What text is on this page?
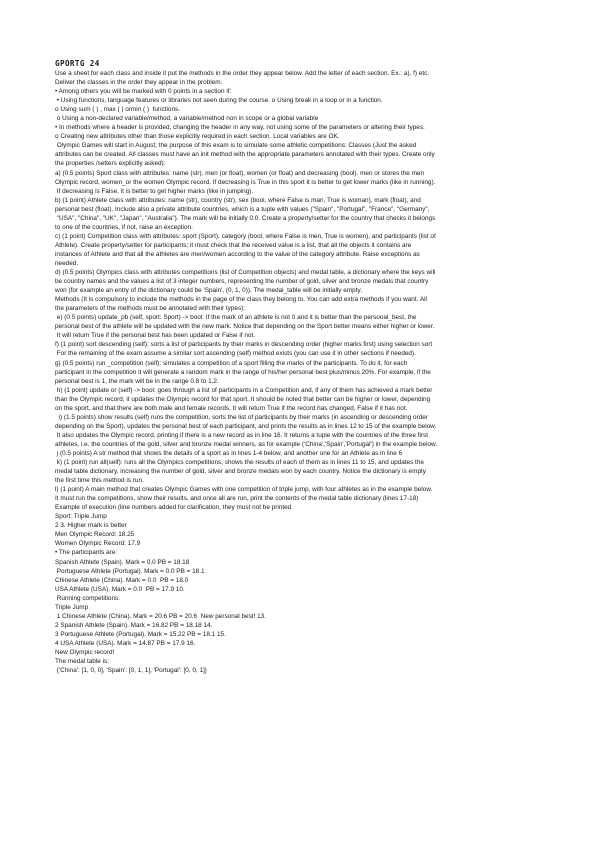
GPORTG 24
Use a sheet for each class and inside it put the methods in the order they appear below. Add the letter of each section. Ex.: a), f) etc.
Deliver the classes in the order they appear in the problem.
• Among others you will be marked with 0 points in a section if:
• Using functions, language features or libraries not seen during the course. o Using break in a loop or in a function.
o Using sum ( ) , max ( ) ormin ( )  functions.
o Using a non-declared variable/method, a variable/method non in scope or a global variable
• In methods where a header is provided, changing the header in any way, not using some of the parameters or altering their types.
o Creating new attributes other than those explicitly required in each section. Local variables are OK.
Olympic Games will start in August; the purpose of this exam is to simulate some athletic competitions: Classes (Just the asked
attributes can be created. All classes must have an init method with the appropriate parameters annotated with their types. Create only
the properties /setters explicitly asked):
a) (0.5 points) Sport class with attributes: name (str), men (or float), women (or float) and decreasing (bool). men or stores the men
Olympic record, women_or the women Olympic record. If decreasing is True in this sport it is better to get lower marks (like in running).
If decreasing is False, it is better to get higher marks (like in jumping).
b) (1 point) Athlete class with attributes: name (str), country (str), sex (bool, where False is man, True is woman), mark (float), and
personal best (float). Include also a private attribute countries, which is a tuple with values ("Spain", "Portugal", "France", "Germany",
"USA", "China", "UK", "Japan", "Australia"). The mark will be initially 0.0. Create a property/setter for the country that checks it belongs
to one of the countries, if not, raise an exception.
c) (1 point) Competition class with attributes: sport (Sport), category (bool, where False is men, True is women), and participants (list of
Athlete). Create property/setter for participants; it must check that the received value is a list, that all the objects it contains are
instances of Athlete and that all the athletes are men/women according to the value of the category attribute. Raise exceptions as
needed.
d) (0.5 points) Olympics class with attributes competitions (list of Competition objects) and medal table, a dictionary where the keys will
be country names and the values a list of 3 integer numbers, representing the number of gold, silver and bronze medals that country
won (for example an entry of the dictionary could be 'Spain', (0, 1, 0)). The medal_table will be initially empty.
Methods (It is compulsory to include the methods in the page of the class they belong to. You can add extra methods if you want. All
the parameters of the methods must be annotated with their types):
e) (0.5 points) update_pb (self, sport: Sport) -> bool: If the mark of an athlete is not 0 and it is better than the personal_best, the
personal best of the athlete will be updated with the new mark. Notice that depending on the Sport better means either higher or lower.
It will return True if the personal best has been updated or False if not.
f) (1 point) sort descending (self): sorts a list of participants by their marks in descending order (higher marks first) using selection sort
For the remaining of the exam assume a similar sort ascending (self) method exists (you can use it in other sections if needed).
g) (0.5 points) run _competition (self): simulates a competition of a sport filling the marks of the participants. To do it, for each
participant in the competition it will generate a random mark in the range of his/her personal best plus/minus 20%. For example, if the
personal best is 1, the mark will be in the range 0.8 to 1.2.
h) (1 point) update or (self) -> bool: goes through a list of participants in a Competition and, if any of them has achieved a mark better
than the Olympic record, it updates the Olympic record for that sport. It should be noted that better can be higher or lower, depending
on the sport, and that there are both male and female records. It will return True if the record has changed, False if it has not.
i) (1.5 points) show results (self) runs the competition, sorts the list of participants by their marks (in ascending or descending order
depending on the Sport), updates the personal best of each participant, and prints the results as in lines 12 to 15 of the example below.
It also updates the Olympic record, printing if there is a new record as in line 16. It returns a tuple with the countries of the three first
athletes, i.e. the countries of the gold, silver and bronze medal winners, as for example ('China','Spain','Portugal') in the example below.
j (0.5 points) A str method that shows the details of a sport as in lines 1-4 below, and another one for an Athlete as in line 6
k) (1 point) run all(self): runs all the Olympics competitions, shows the results of each of them as in lines 11 to 15, and updates the
medal table dictionary, increasing the number of gold, silver and bronze medals won by each country. Notice the dictionary is empty
the first time this method is run.
l) (1 point) A main method that creates Olympic Games with one competition of triple jump, with four athletes as in the example below.
It must run the competitions, show their results, and once all are run, print the contents of the medal table dictionary (lines 17-18)
Example of execution (line numbers added for clarification, they must not be printed
Sport: Triple Jump
2 3. Higher mark is better
Men Olympic Record: 18.25
Women Olympic Record: 17.9
• The participants are:
Spanish Athlete (Spain). Mark = 0.0 PB = 18.18
Portuguese Athlete (Portugal). Mark = 0.0 PB = 18.1
Chinese Athlete (China). Mark = 0.0  PB = 18.0
USA Athlete (USA). Mark = 0.0  PB = 17.9 10.
Running competitions:
Triple Jump
1 Chinese Athlete (China). Mark = 20.6 PB = 20.6  New personal best! 13.
2 Spanish Athlete (Spain). Mark = 16.82 PB = 18.18 14.
3 Portuguese Athlete (Portugal). Mark = 15.22 PB = 18.1 15.
4 USA Athlete (USA). Mark = 14.87 PB = 17.9 16.
New Olympic record!
The medal table is:
{'China': [1, 0, 0], 'Spain': [0, 1, 1], 'Portugal': [0, 0, 1]}
